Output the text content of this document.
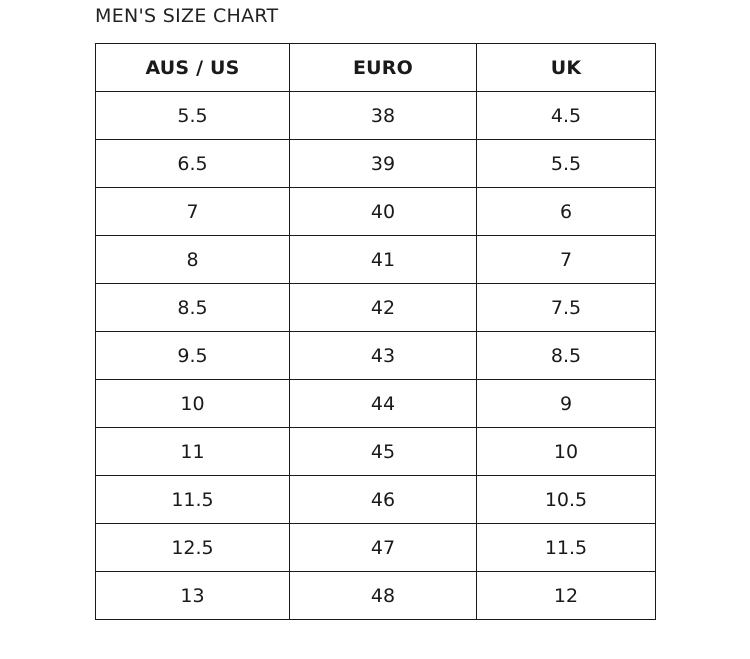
MEN'S SIZE CHART
AUS / US	EURO	UK
5.5	38	4.5
6.5	39	5.5
7	40	6
8	41	7
8.5	42	7.5
9.5	43	8.5
10	44	9
11	45	10
11.5	46	10.5
12.5	47	11.5
13	48	12
